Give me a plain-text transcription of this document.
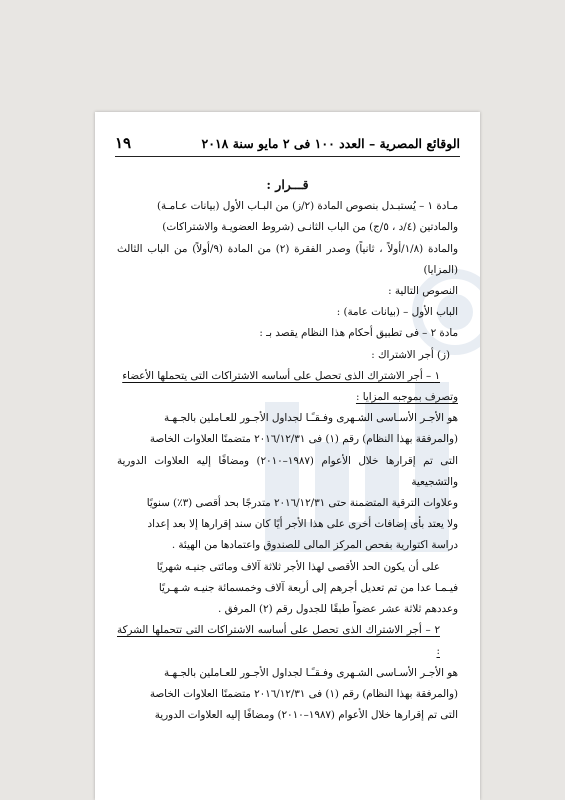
١٩	الوقائع المصرية – العدد ١٠٠ فى ٢ مايو سنة ٢٠١٨

قـــرار :

مـادة ١ – يُستبـدل بنصوص المادة (٢/ز) من البـاب الأول (بيانات عـامـة)

والمادتين (٤/د ، ٥/ج) من الباب الثانـى (شروط العضويـة والاشتراكات)

والمادة (١/٨/أولاً ، ثانياً) وصدر الفقرة (٢) من المادة (٩/أولاً) من الباب الثالث (المزايا)

النصوص التالية :

الباب الأول – (بيانات عامة) :

مادة ٢ – فى تطبيق أحكام هذا النظام يقصد بـ :

(ز) أجر الاشتراك :

١ – أجر الاشتراك الذى تحصل على أساسه الاشتراكات التى يتحملها الأعضاء

وتصرف بموجبه المزايا :

هو الأجـر الأسـاسى الشـهرى وفـقـًـا لجداول الأجـور للعـاملين بالجـهـة

(والمرفقة بهذا النظام) رقم (١) فى ٢٠١٦/١٢/٣١ متضمنًا العلاوات الخاصة

التى تم إقرارها خلال الأعوام (١٩٨٧–٢٠١٠) ومضافًا إليه العلاوات الدورية والتشجيعية

وعلاوات الترقية المتضمنة حتى ٢٠١٦/١٢/٣١ متدرجًا بحد أقصى (٣٪) سنويًا

ولا يعتد بأى إضافات أخرى على هذا الأجر أيًا كان سند إقرارها إلا بعد إعداد

دراسة اكتوارية بفحص المركز المالى للصندوق واعتمادها من الهيئة .

على أن يكون الحد الأقصى لهذا الأجر ثلاثة آلاف ومائتى جنيـه شهريًا

فيـمـا عدا من تم تعديل أجرهم إلى أربعة آلاف وخمسمائة جنيـه شـهـريًا

وعددهم ثلاثة عشر عضواً طبقًا للجدول رقم (٢) المرفق .

٢ – أجر الاشتراك الذى تحصل على أساسه الاشتراكات التى تتحملها الشركة :

هو الأجـر الأسـاسى الشـهرى وفـقـًـا لجداول الأجـور للعـاملين بالجـهـة

(والمرفقة بهذا النظام) رقم (١) فى ٢٠١٦/١٢/٣١ متضمنًا العلاوات الخاصة

التى تم إقرارها خلال الأعوام (١٩٨٧–٢٠١٠) ومضافًا إليه العلاوات الدورية
